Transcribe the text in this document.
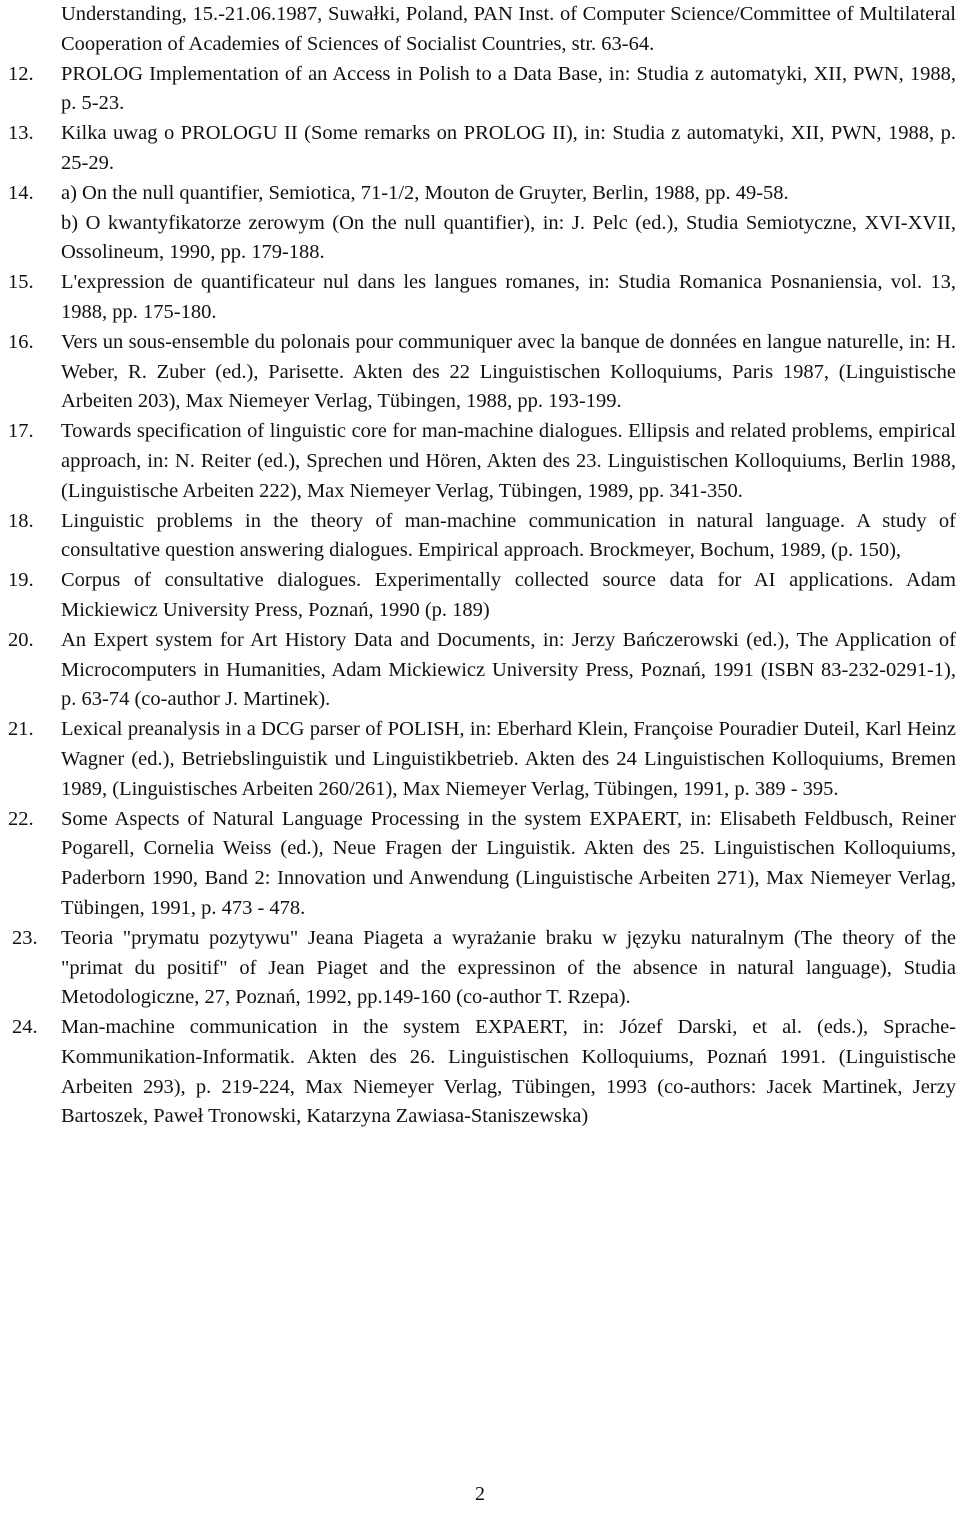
Understanding, 15.-21.06.1987, Suwałki, Poland, PAN Inst. of Computer Science/Committee of Multilateral Cooperation of Academies of Sciences of Socialist Countries, str. 63-64.
12.	PROLOG Implementation of an Access in Polish to a Data Base, in: Studia z automatyki, XII, PWN, 1988, p. 5-23.
13.	Kilka uwag o PROLOGU II (Some remarks on PROLOG II), in: Studia z automatyki, XII, PWN, 1988, p. 25-29.
14.	a) On the null quantifier, Semiotica, 71-1/2, Mouton de Gruyter, Berlin, 1988, pp. 49-58.
b) O kwantyfikatorze zerowym (On the null quantifier), in: J. Pelc (ed.), Studia Semiotyczne, XVI-XVII, Ossolineum, 1990, pp. 179-188.
15.	L'expression de quantificateur nul dans les langues romanes, in: Studia Romanica Posnaniensia, vol. 13, 1988, pp. 175-180.
16.	Vers un sous-ensemble du polonais pour communiquer avec la banque de données en langue naturelle, in: H. Weber, R. Zuber (ed.), Parisette. Akten des 22 Linguistischen Kolloquiums, Paris 1987, (Linguistische Arbeiten 203), Max Niemeyer Verlag, Tübingen, 1988, pp. 193-199.
17.	Towards specification of linguistic core for man-machine dialogues. Ellipsis and related problems, empirical approach, in: N. Reiter (ed.), Sprechen und Hören, Akten des 23. Linguistischen Kolloquiums, Berlin 1988, (Linguistische Arbeiten 222), Max Niemeyer Verlag, Tübingen, 1989, pp. 341-350.
18.	Linguistic problems in the theory of man-machine communication in natural language. A study of consultative question answering dialogues. Empirical approach. Brockmeyer, Bochum, 1989, (p. 150),
19.	Corpus of consultative dialogues. Experimentally collected source data for AI applications. Adam Mickiewicz University Press, Poznań, 1990 (p. 189)
20.	An Expert system for Art History Data and Documents, in: Jerzy Bańczerowski (ed.), The Application of Microcomputers in Humanities, Adam Mickiewicz University Press, Poznań, 1991 (ISBN 83-232-0291-1), p. 63-74 (co-author J. Martinek).
21.	Lexical preanalysis in a DCG parser of POLISH, in: Eberhard Klein, Françoise Pouradier Duteil, Karl Heinz Wagner (ed.), Betriebslinguistik und Linguistikbetrieb. Akten des 24 Linguistischen Kolloquiums, Bremen 1989, (Linguistisches Arbeiten 260/261), Max Niemeyer Verlag, Tübingen, 1991, p. 389 - 395.
22.	Some Aspects of Natural Language Processing in the system EXPAERT, in: Elisabeth Feldbusch, Reiner Pogarell, Cornelia Weiss (ed.), Neue Fragen der Linguistik. Akten des 25. Linguistischen Kolloquiums, Paderborn 1990, Band 2: Innovation und Anwendung (Linguistische Arbeiten 271), Max Niemeyer Verlag, Tübingen, 1991, p. 473 - 478.
23.	Teoria "prymatu pozytywu" Jeana Piageta a wyrażanie braku w języku naturalnym (The theory of the "primat du positif" of Jean Piaget and the expressinon of the absence in natural language), Studia Metodologiczne, 27, Poznań, 1992, pp.149-160 (co-author T. Rzepa).
24.	Man-machine communication in the system EXPAERT, in: Józef Darski, et al. (eds.), Sprache-Kommunikation-Informatik. Akten des 26. Linguistischen Kolloquiums, Poznań 1991. (Linguistische Arbeiten 293), p. 219-224, Max Niemeyer Verlag, Tübingen, 1993 (co-authors: Jacek Martinek, Jerzy Bartoszek, Paweł Tronowski, Katarzyna Zawiasa-Staniszewska)
2
